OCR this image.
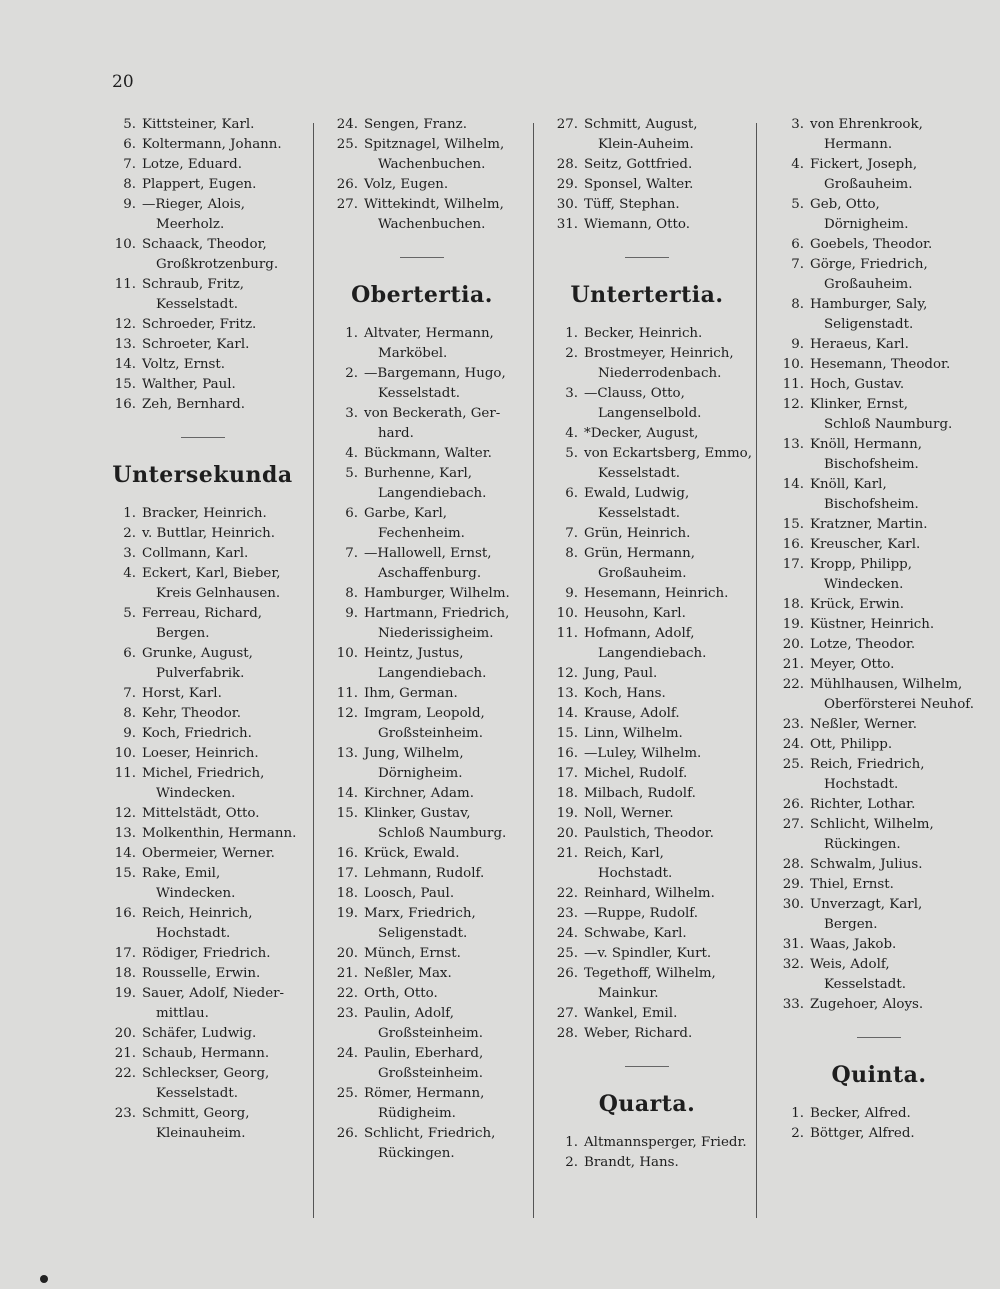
20
5. Kittsteiner, Karl.
6. Koltermann, Johann.
7. Lotze, Eduard.
8. Plappert, Eugen.
9. —Rieger, Alois,
Meerholz.
10. Schaack, Theodor,
Großkrotzenburg.
11. Schraub, Fritz,
Kesselstadt.
12. Schroeder, Fritz.
13. Schroeter, Karl.
14. Voltz, Ernst.
15. Walther, Paul.
16. Zeh, Bernhard.
Untersekunda
1. Bracker, Heinrich.
2. v. Buttlar, Heinrich.
3. Collmann, Karl.
4. Eckert, Karl, Bieber,
Kreis Gelnhausen.
5. Ferreau, Richard,
Bergen.
6. Grunke, August,
Pulverfabrik.
7. Horst, Karl.
8. Kehr, Theodor.
9. Koch, Friedrich.
10. Loeser, Heinrich.
11. Michel, Friedrich,
Windecken.
12. Mittelstädt, Otto.
13. Molkenthin, Hermann.
14. Obermeier, Werner.
15. Rake, Emil,
Windecken.
16. Reich, Heinrich,
Hochstadt.
17. Rödiger, Friedrich.
18. Rousselle, Erwin.
19. Sauer, Adolf, Nieder-
mittlau.
20. Schäfer, Ludwig.
21. Schaub, Hermann.
22. Schleckser, Georg,
Kesselstadt.
23. Schmitt, Georg,
Kleinauheim.
24. Sengen, Franz.
25. Spitznagel, Wilhelm,
Wachenbuchen.
26. Volz, Eugen.
27. Wittekindt, Wilhelm,
Wachenbuchen.
Obertertia.
1. Altvater, Hermann,
Marköbel.
2. —Bargemann, Hugo,
Kesselstadt.
3. von Beckerath, Ger-
hard.
4. Bückmann, Walter.
5. Burhenne, Karl,
Langendiebach.
6. Garbe, Karl,
Fechenheim.
7. —Hallowell, Ernst,
Aschaffenburg.
8. Hamburger, Wilhelm.
9. Hartmann, Friedrich,
Niederissigheim.
10. Heintz, Justus,
Langendiebach.
11. Ihm, German.
12. Imgram, Leopold,
Großsteinheim.
13. Jung, Wilhelm,
Dörnigheim.
14. Kirchner, Adam.
15. Klinker, Gustav,
Schloß Naumburg.
16. Krück, Ewald.
17. Lehmann, Rudolf.
18. Loosch, Paul.
19. Marx, Friedrich,
Seligenstadt.
20. Münch, Ernst.
21. Neßler, Max.
22. Orth, Otto.
23. Paulin, Adolf,
Großsteinheim.
24. Paulin, Eberhard,
Großsteinheim.
25. Römer, Hermann,
Rüdigheim.
26. Schlicht, Friedrich,
Rückingen.
27. Schmitt, August,
Klein-Auheim.
28. Seitz, Gottfried.
29. Sponsel, Walter.
30. Tüff, Stephan.
31. Wiemann, Otto.
Untertertia.
1. Becker, Heinrich.
2. Brostmeyer, Heinrich,
Niederrodenbach.
3. —Clauss, Otto,
Langenselbold.
4. *Decker, August,
5. von Eckartsberg, Emmo,
Kesselstadt.
6. Ewald, Ludwig,
Kesselstadt.
7. Grün, Heinrich.
8. Grün, Hermann,
Großauheim.
9. Hesemann, Heinrich.
10. Heusohn, Karl.
11. Hofmann, Adolf,
Langendiebach.
12. Jung, Paul.
13. Koch, Hans.
14. Krause, Adolf.
15. Linn, Wilhelm.
16. —Luley, Wilhelm.
17. Michel, Rudolf.
18. Milbach, Rudolf.
19. Noll, Werner.
20. Paulstich, Theodor.
21. Reich, Karl,
Hochstadt.
22. Reinhard, Wilhelm.
23. —Ruppe, Rudolf.
24. Schwabe, Karl.
25. —v. Spindler, Kurt.
26. Tegethoff, Wilhelm,
Mainkur.
27. Wankel, Emil.
28. Weber, Richard.
Quarta.
1. Altmannsperger, Friedr.
2. Brandt, Hans.
3. von Ehrenkrook,
Hermann.
4. Fickert, Joseph,
Großauheim.
5. Geb, Otto,
Dörnigheim.
6. Goebels, Theodor.
7. Görge, Friedrich,
Großauheim.
8. Hamburger, Saly,
Seligenstadt.
9. Heraeus, Karl.
10. Hesemann, Theodor.
11. Hoch, Gustav.
12. Klinker, Ernst,
Schloß Naumburg.
13. Knöll, Hermann,
Bischofsheim.
14. Knöll, Karl,
Bischofsheim.
15. Kratzner, Martin.
16. Kreuscher, Karl.
17. Kropp, Philipp,
Windecken.
18. Krück, Erwin.
19. Küstner, Heinrich.
20. Lotze, Theodor.
21. Meyer, Otto.
22. Mühlhausen, Wilhelm,
Oberförsterei Neuhof.
23. Neßler, Werner.
24. Ott, Philipp.
25. Reich, Friedrich,
Hochstadt.
26. Richter, Lothar.
27. Schlicht, Wilhelm,
Rückingen.
28. Schwalm, Julius.
29. Thiel, Ernst.
30. Unverzagt, Karl,
Bergen.
31. Waas, Jakob.
32. Weis, Adolf,
Kesselstadt.
33. Zugehoer, Aloys.
Quinta.
1. Becker, Alfred.
2. Böttger, Alfred.
